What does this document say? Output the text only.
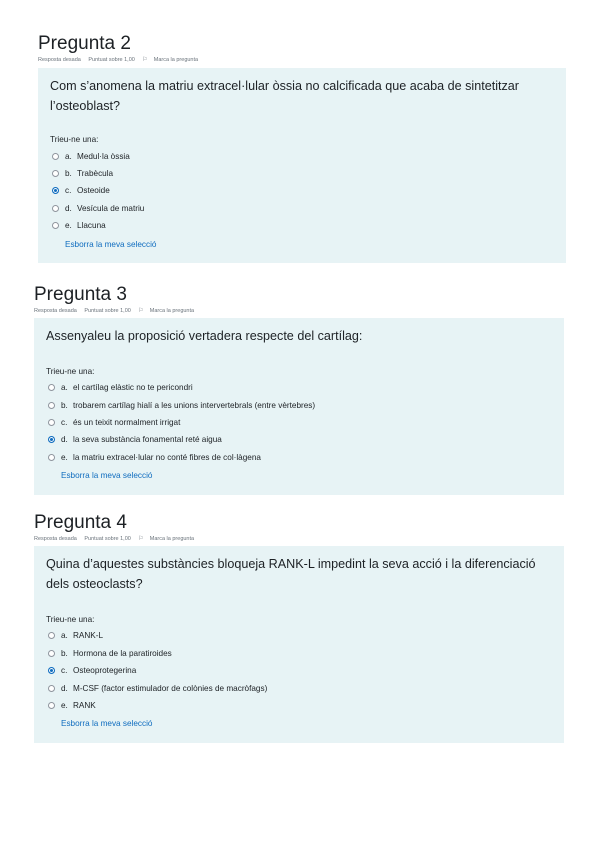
Pregunta 2
Resposta desada Puntuat sobre 1,00 ⚐ Marca la pregunta
Com s’anomena la matriu extracel·lular òssia no calcificada que acaba de sintetitzar l’osteoblast?
Trieu-ne una:
a. Medul·la òssia
b. Trabècula
c. Osteoide
d. Vesícula de matriu
e. Llacuna
Esborra la meva selecció
Pregunta 3
Resposta desada Puntuat sobre 1,00 ⚐ Marca la pregunta
Assenyaleu la proposició vertadera respecte del cartílag:
Trieu-ne una:
a. el cartílag elàstic no te pericondri
b. trobarem cartílag hialí a les unions intervertebrals (entre vèrtebres)
c. és un teixit normalment irrigat
d. la seva substància fonamental reté aigua
e. la matriu extracel·lular no conté fibres de col·làgena
Esborra la meva selecció
Pregunta 4
Resposta desada Puntuat sobre 1,00 ⚐ Marca la pregunta
Quina d’aquestes substàncies bloqueja RANK-L impedint la seva acció i la diferenciació dels osteoclasts?
Trieu-ne una:
a. RANK-L
b. Hormona de la paratiroides
c. Osteoprotegerina
d. M-CSF (factor estimulador de colònies de macròfags)
e. RANK
Esborra la meva selecció
